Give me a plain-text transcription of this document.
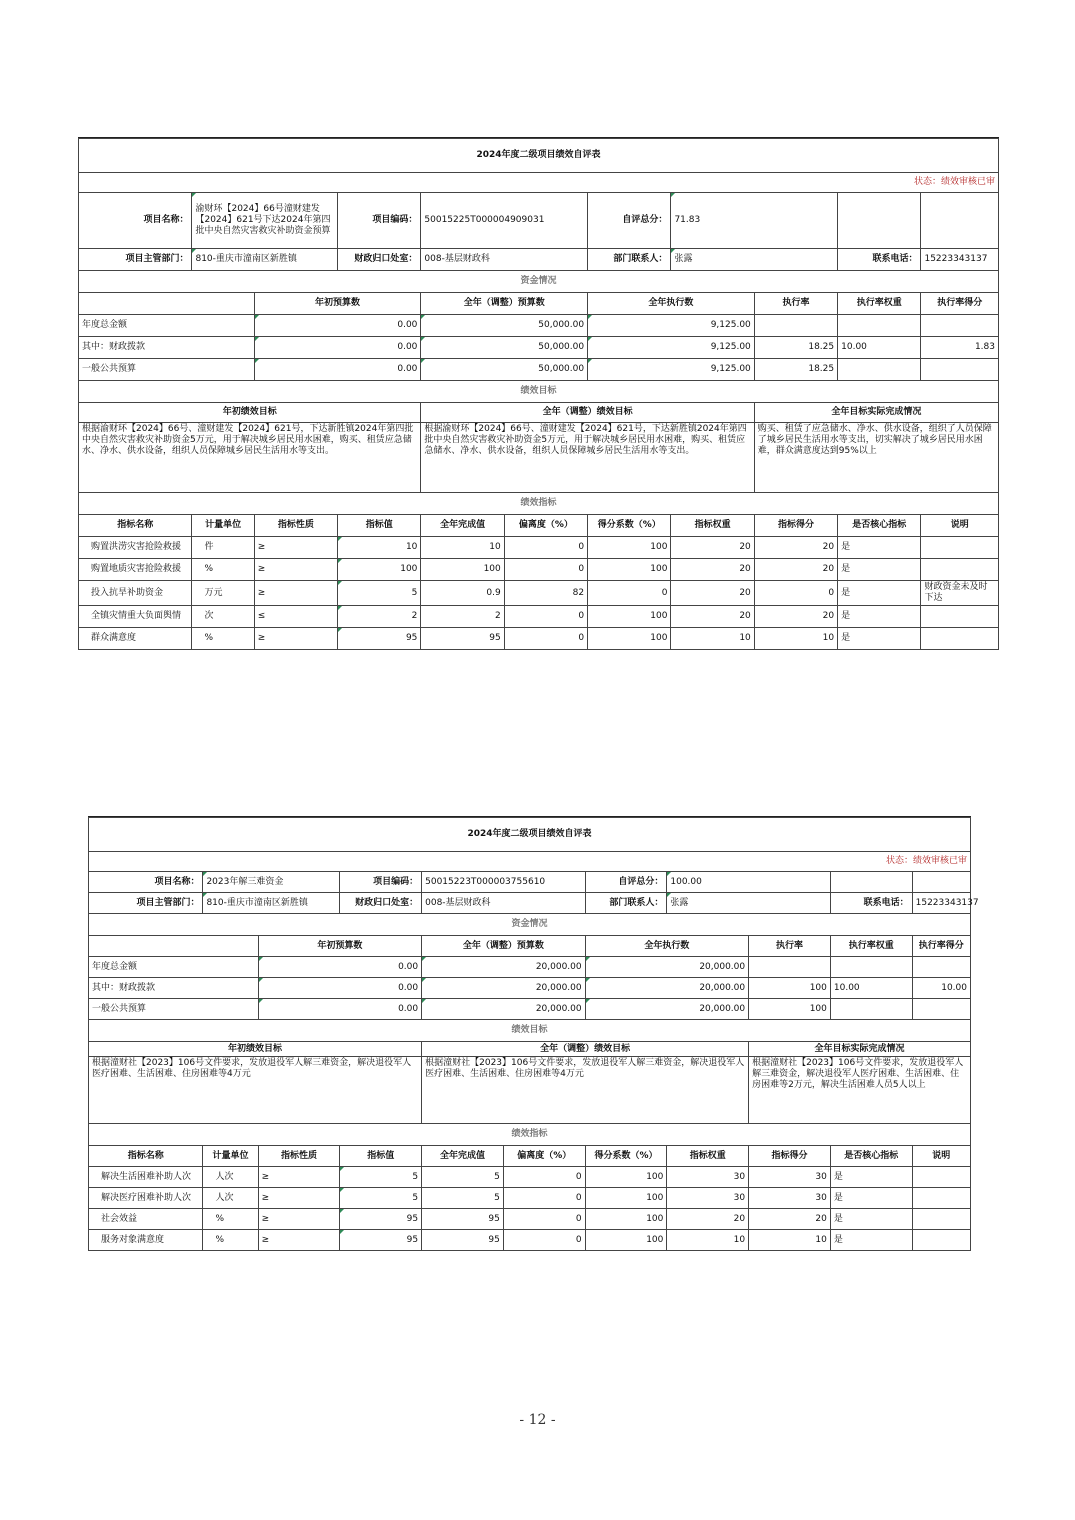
2024年度二级项目绩效自评表										
状态：绩效审核已审										
项目名称：	渝财环【2024】66号潼财建发【2024】621号下达2024年第四批中央自然灾害救灾补助资金预算		项目编码：	50015225T000004909031		自评总分：	71.83			
项目主管部门：	810-重庆市潼南区新胜镇		财政归口处室：	008-基层财政科		部门联系人：	张露		联系电话：	15223343137
资金情况										
		年初预算数		全年（调整）预算数		全年执行数		执行率	执行率权重	执行率得分
年度总金额		0.00		50,000.00		9,125.00				
其中：财政拨款		0.00		50,000.00		9,125.00		18.25	10.00	1.83
一般公共预算		0.00		50,000.00		9,125.00		18.25		
绩效目标										
年初绩效目标				全年（调整）绩效目标				全年目标实际完成情况		
根据渝财环【2024】66号、潼财建发【2024】621号，下达新胜镇2024年第四批中央自然灾害救灾补助资金5万元，用于解决城乡居民用水困难，购买、租赁应急储水、净水、供水设备，组织人员保障城乡居民生活用水等支出。				根据渝财环【2024】66号、潼财建发【2024】621号，下达新胜镇2024年第四批中央自然灾害救灾补助资金5万元，用于解决城乡居民用水困难，购买、租赁应急储水、净水、供水设备，组织人员保障城乡居民生活用水等支出。				购买、租赁了应急储水、净水、供水设备，组织了人员保障了城乡居民生活用水等支出，切实解决了城乡居民用水困难，群众满意度达到95%以上		
绩效指标										
指标名称	计量单位	指标性质	指标值	全年完成值	偏离度（%）	得分系数（%）	指标权重	指标得分	是否核心指标	说明
购置洪涝灾害抢险救援	件	≥	10	10	0	100	20	20	是	
购置地质灾害抢险救援	%	≥	100	100	0	100	20	20	是	
投入抗旱补助资金	万元	≥	5	0.9	82	0	20	0	是	财政资金未及时下达
全镇灾情重大负面舆情	次	≤	2	2	0	100	20	20	是	
群众满意度	%	≥	95	95	0	100	10	10	是	
2024年度二级项目绩效自评表										
状态：绩效审核已审										
项目名称：	2023年解三难资金		项目编码：	50015223T000003755610		自评总分：	100.00			
项目主管部门：	810-重庆市潼南区新胜镇		财政归口处室：	008-基层财政科		部门联系人：	张露		联系电话：	15223343137
资金情况										
		年初预算数		全年（调整）预算数		全年执行数		执行率	执行率权重	执行率得分
年度总金额		0.00		20,000.00		20,000.00				
其中：财政拨款		0.00		20,000.00		20,000.00		100	10.00	10.00
一般公共预算		0.00		20,000.00		20,000.00		100		
绩效目标										
年初绩效目标				全年（调整）绩效目标				全年目标实际完成情况		
根据潼财社【2023】106号文件要求，发放退役军人解三难资金，解决退役军人医疗困难、生活困难、住房困难等4万元				根据潼财社【2023】106号文件要求，发放退役军人解三难资金，解决退役军人医疗困难、生活困难、住房困难等4万元				根据潼财社【2023】106号文件要求，发放退役军人解三难资金，解决退役军人医疗困难、生活困难、住房困难等2万元，解决生活困难人员5人以上		
绩效指标										
指标名称	计量单位	指标性质	指标值	全年完成值	偏离度（%）	得分系数（%）	指标权重	指标得分	是否核心指标	说明
解决生活困难补助人次	人次	≥	5	5	0	100	30	30	是	
解决医疗困难补助人次	人次	≥	5	5	0	100	30	30	是	
社会效益	%	≥	95	95	0	100	20	20	是	
服务对象满意度	%	≥	95	95	0	100	10	10	是	
- 12 -
